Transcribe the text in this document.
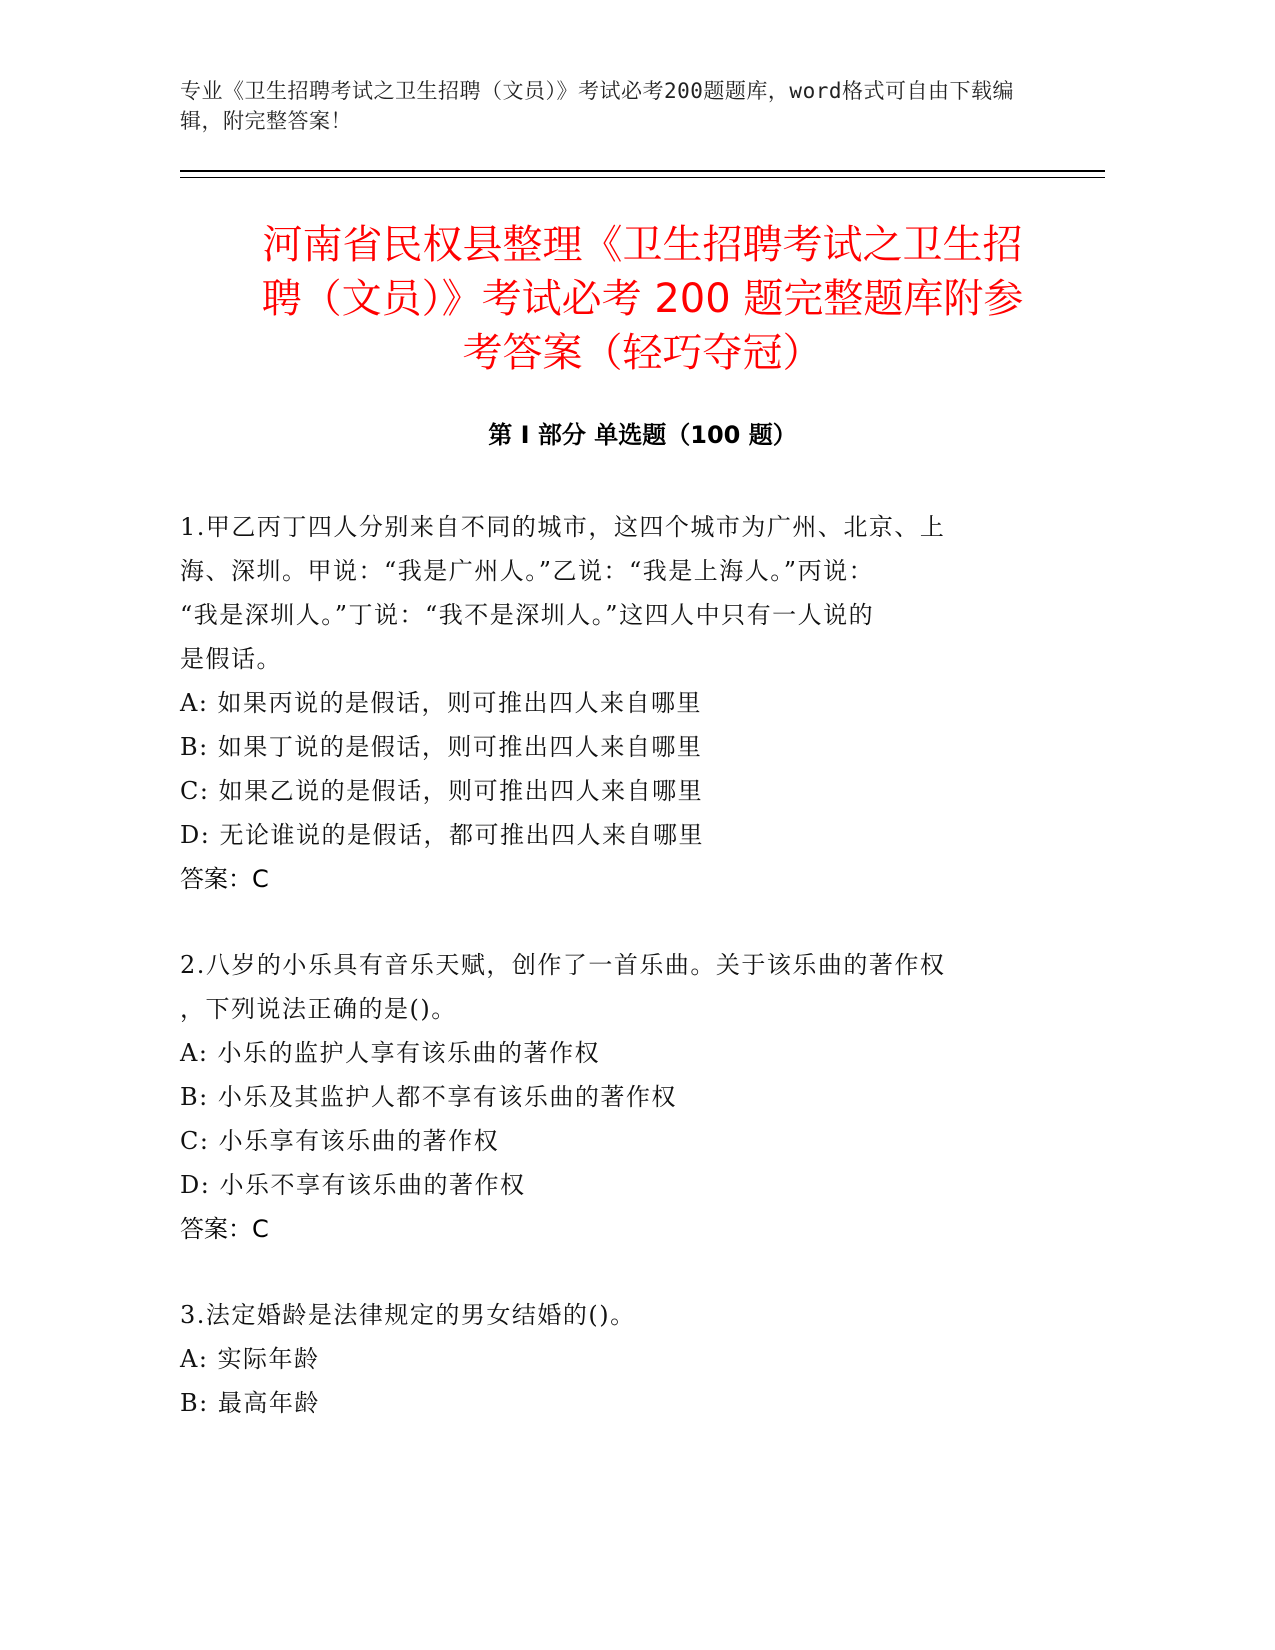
专业《卫生招聘考试之卫生招聘（文员）》考试必考200题题库，word格式可自由下载编辑，附完整答案！
河南省民权县整理《卫生招聘考试之卫生招
聘（文员）》考试必考 200 题完整题库附参
考答案（轻巧夺冠）
第 I 部分 单选题（100 题）
1.甲乙丙丁四人分别来自不同的城市，这四个城市为广州、北京、上
海、深圳。甲说：“我是广州人。”乙说：“我是上海人。”丙说：
“我是深圳人。”丁说：“我不是深圳人。”这四人中只有一人说的
是假话。
A: 如果丙说的是假话，则可推出四人来自哪里
B: 如果丁说的是假话，则可推出四人来自哪里
C: 如果乙说的是假话，则可推出四人来自哪里
D: 无论谁说的是假话，都可推出四人来自哪里
答案：C
2.八岁的小乐具有音乐天赋，创作了一首乐曲。关于该乐曲的著作权
，下列说法正确的是()。
A: 小乐的监护人享有该乐曲的著作权
B: 小乐及其监护人都不享有该乐曲的著作权
C: 小乐享有该乐曲的著作权
D: 小乐不享有该乐曲的著作权
答案：C
3.法定婚龄是法律规定的男女结婚的()。
A: 实际年龄
B: 最高年龄
